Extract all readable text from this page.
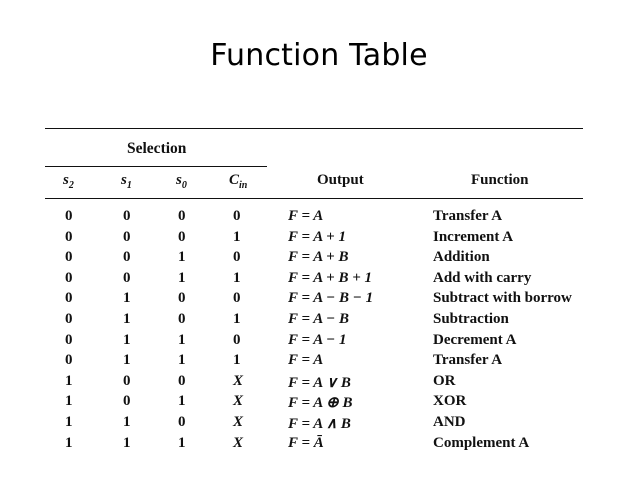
Function Table
Selection
$s_2$	$s_1$	$s_0$	$C_{in}$	Output	Function
0	0	0	0	F = A	Transfer A
0	0	0	1	F = A + 1	Increment A
0	0	1	0	F = A + B	Addition
0	0	1	1	F = A + B + 1	Add with carry
0	1	0	0	F = A − B − 1	Subtract with borrow
0	1	0	1	F = A − B	Subtraction
0	1	1	0	F = A − 1	Decrement A
0	1	1	1	F = A	Transfer A
1	0	0	X	F = A ∨ B	OR
1	0	1	X	F = A ⊕ B	XOR
1	1	0	X	F = A ∧ B	AND
1	1	1	X	F = Ā	Complement A
